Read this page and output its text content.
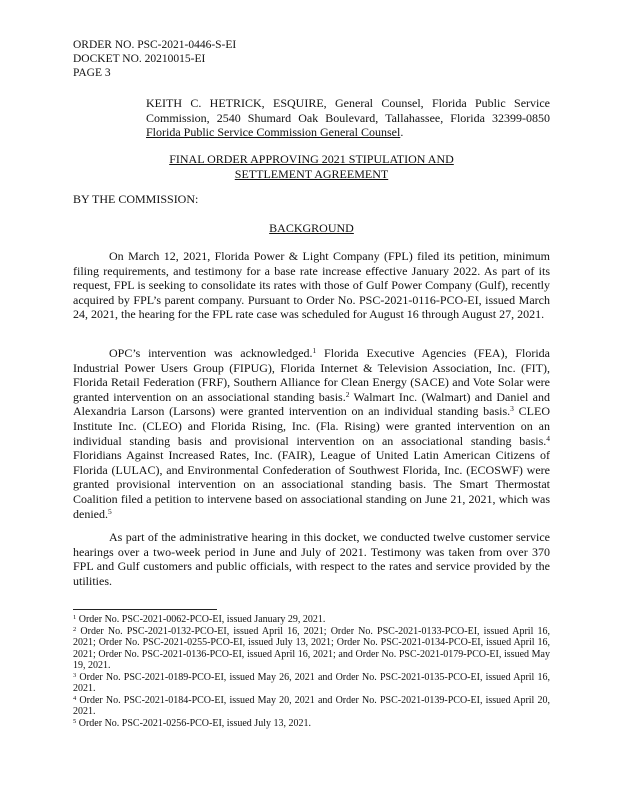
ORDER NO. PSC-2021-0446-S-EI
DOCKET NO. 20210015-EI
PAGE 3
KEITH C. HETRICK, ESQUIRE, General Counsel, Florida Public Service Commission, 2540 Shumard Oak Boulevard, Tallahassee, Florida 32399-0850 Florida Public Service Commission General Counsel.
FINAL ORDER APPROVING 2021 STIPULATION AND
SETTLEMENT AGREEMENT
BY THE COMMISSION:
BACKGROUND

On March 12, 2021, Florida Power & Light Company (FPL) filed its petition, minimum filing requirements, and testimony for a base rate increase effective January 2022. As part of its request, FPL is seeking to consolidate its rates with those of Gulf Power Company (Gulf), recently acquired by FPL’s parent company. Pursuant to Order No. PSC-2021-0116-PCO-EI, issued March 24, 2021, the hearing for the FPL rate case was scheduled for August 16 through August 27, 2021.

OPC’s intervention was acknowledged.$^1$ Florida Executive Agencies (FEA), Florida Industrial Power Users Group (FIPUG), Florida Internet & Television Association, Inc. (FIT), Florida Retail Federation (FRF), Southern Alliance for Clean Energy (SACE) and Vote Solar were granted intervention on an associational standing basis.$^2$ Walmart Inc. (Walmart) and Daniel and Alexandria Larson (Larsons) were granted intervention on an individual standing basis.$^3$ CLEO Institute Inc. (CLEO) and Florida Rising, Inc. (Fla. Rising) were granted intervention on an individual standing basis and provisional intervention on an associational standing basis.$^4$ Floridians Against Increased Rates, Inc. (FAIR), League of United Latin American Citizens of Florida (LULAC), and Environmental Confederation of Southwest Florida, Inc. (ECOSWF) were granted provisional intervention on an associational standing basis. The Smart Thermostat Coalition filed a petition to intervene based on associational standing on June 21, 2021, which was denied.$^5$

As part of the administrative hearing in this docket, we conducted twelve customer service hearings over a two-week period in June and July of 2021. Testimony was taken from over 370 FPL and Gulf customers and public officials, with respect to the rates and service provided by the utilities.

$^1$ Order No. PSC-2021-0062-PCO-EI, issued January 29, 2021.

$^2$ Order No. PSC-2021-0132-PCO-EI, issued April 16, 2021; Order No. PSC-2021-0133-PCO-EI, issued April 16, 2021; Order No. PSC-2021-0255-PCO-EI, issued July 13, 2021; Order No. PSC-2021-0134-PCO-EI, issued April 16, 2021; Order No. PSC-2021-0136-PCO-EI, issued April 16, 2021; and Order No. PSC-2021-0179-PCO-EI, issued May 19, 2021.

$^3$ Order No. PSC-2021-0189-PCO-EI, issued May 26, 2021 and Order No. PSC-2021-0135-PCO-EI, issued April 16, 2021.

$^4$ Order No. PSC-2021-0184-PCO-EI, issued May 20, 2021 and Order No. PSC-2021-0139-PCO-EI, issued April 20, 2021.

$^5$ Order No. PSC-2021-0256-PCO-EI, issued July 13, 2021.
